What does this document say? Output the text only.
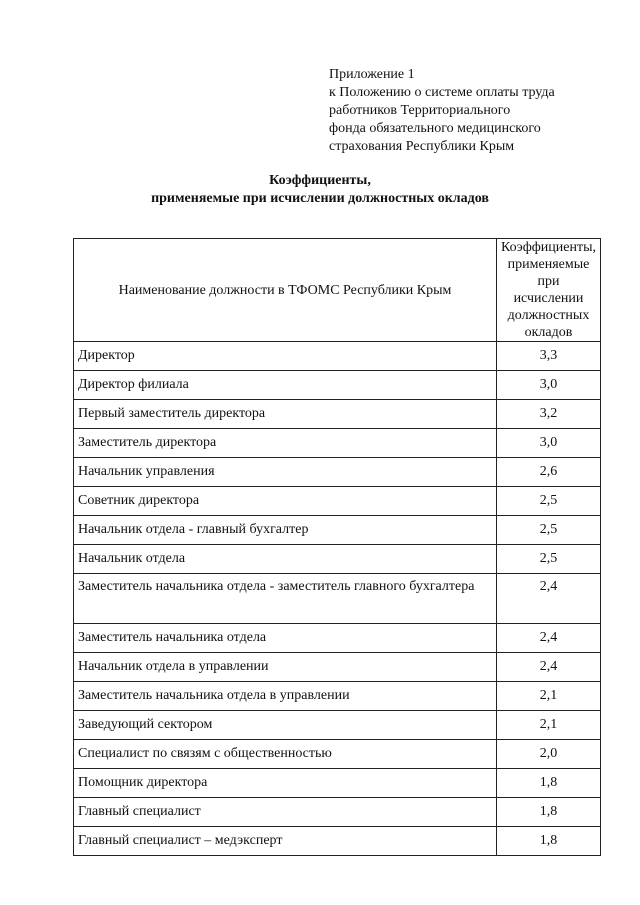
Приложение 1
к Положению о системе оплаты труда
работников Территориального
фонда обязательного медицинского
страхования Республики Крым
Коэффициенты,
применяемые при исчислении должностных окладов
Наименование должности в ТФОМС Республики Крым	Коэффициенты, применяемые при исчислении должностных окладов
Директор	3,3
Директор филиала	3,0
Первый заместитель директора	3,2
Заместитель директора	3,0
Начальник управления	2,6
Советник директора	2,5
Начальник отдела - главный бухгалтер	2,5
Начальник отдела	2,5
Заместитель начальника отдела - заместитель главного бухгалтера	2,4
Заместитель начальника отдела	2,4
Начальник отдела в управлении	2,4
Заместитель начальника отдела в управлении	2,1
Заведующий сектором	2,1
Специалист по связям с общественностью	2,0
Помощник директора	1,8
Главный специалист	1,8
Главный специалист – медэксперт	1,8
